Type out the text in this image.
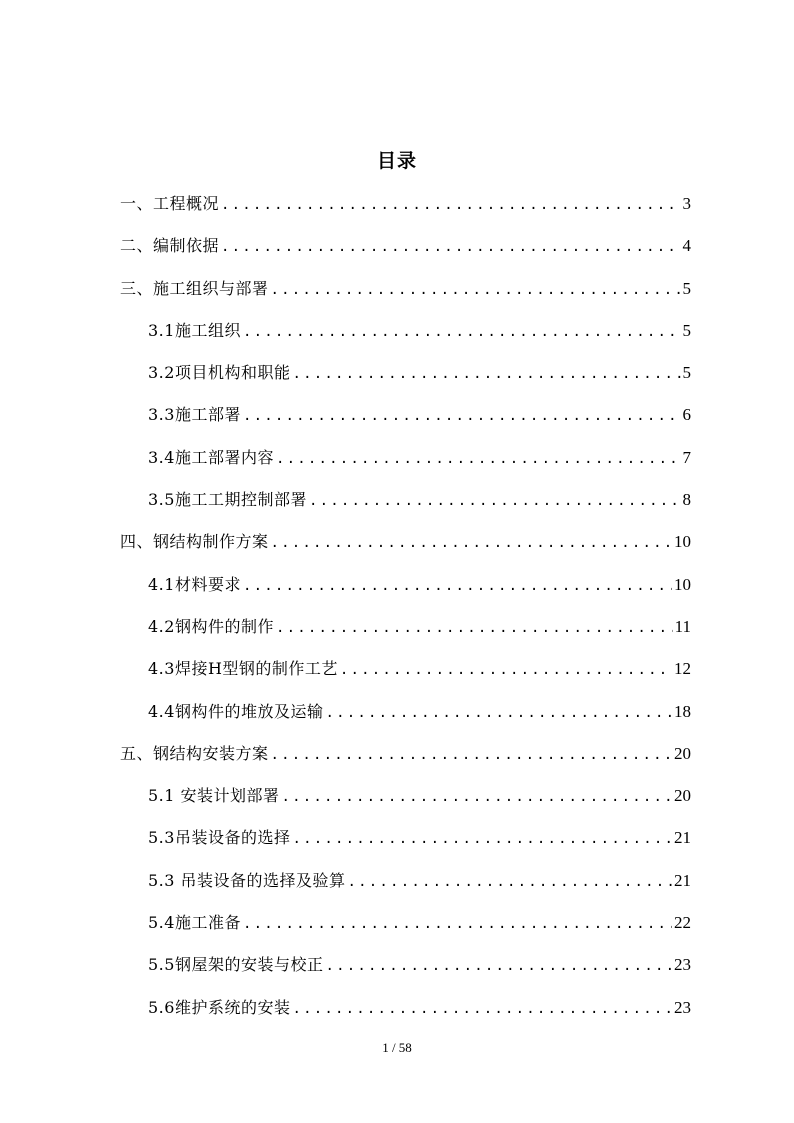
目录
一、工程概况 .....	3
二、编制依据 .....	4
三、施工组织与部署 .....	5
3.1施工组织 .....	5
3.2项目机构和职能 .....	5
3.3施工部署 .....	6
3.4施工部署内容 .....	7
3.5施工工期控制部署 .....	8
四、钢结构制作方案 .....	10
4.1材料要求 .....	10
4.2钢构件的制作 .....	11
4.3焊接H型钢的制作工艺 .....	12
4.4钢构件的堆放及运输 .....	18
五、钢结构安装方案 .....	20
5.1 安装计划部署 .....	20
5.3吊装设备的选择 .....	21
5.3 吊装设备的选择及验算 .....	21
5.4施工准备 .....	22
5.5钢屋架的安装与校正 .....	23
5.6维护系统的安装 .....	23
1 / 58
